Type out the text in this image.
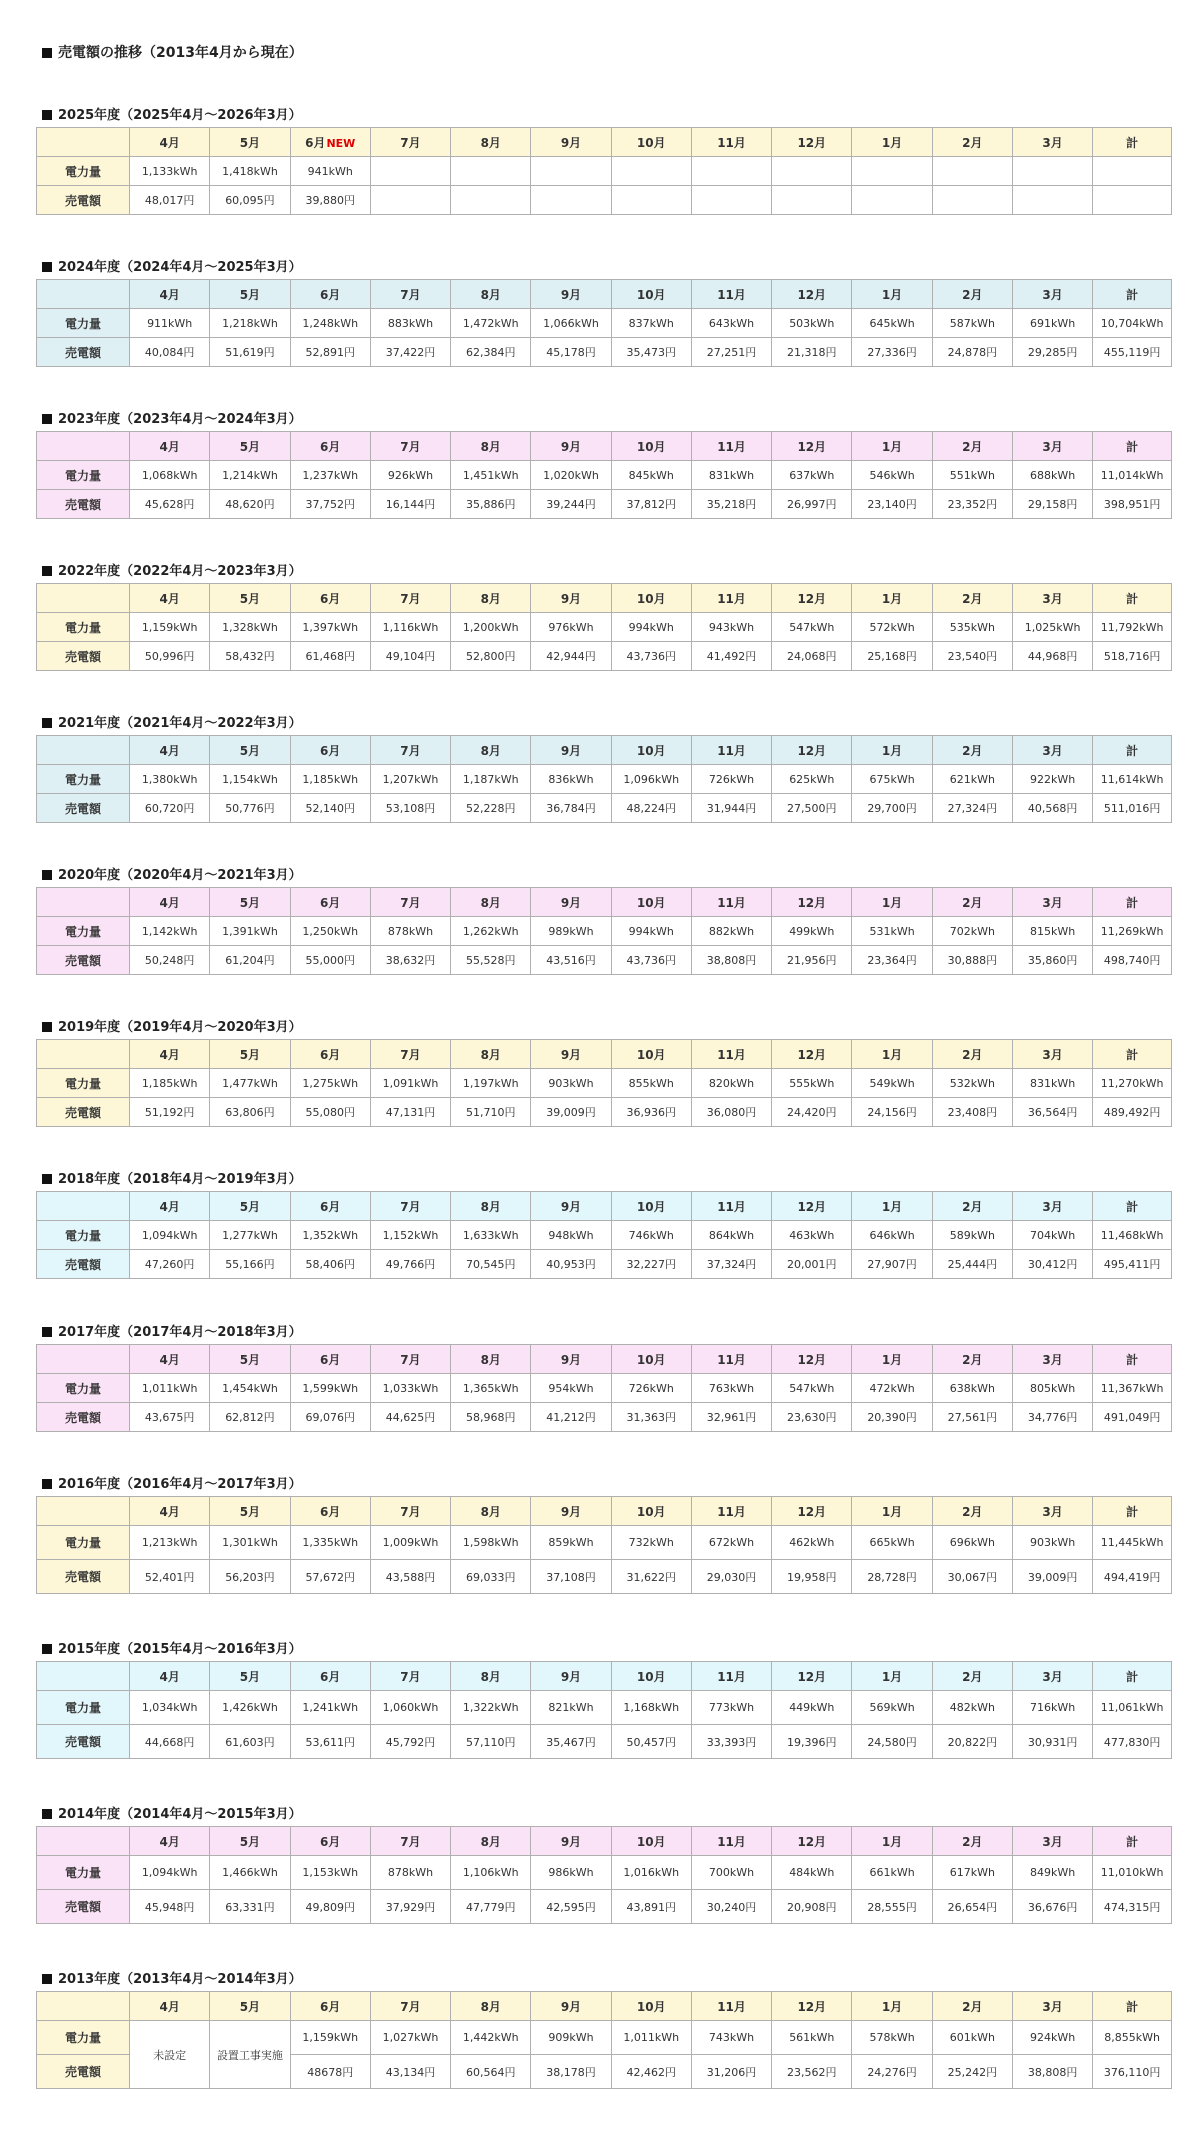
売電額の推移（2013年4月から現在）
2025年度（2025年4月～2026年3月）
	4月	5月	6月NEW	7月	8月	9月	10月	11月	12月	1月	2月	3月	計
電力量	1,133kWh	1,418kWh	941kWh										
売電額	48,017円	60,095円	39,880円										
2024年度（2024年4月～2025年3月）
	4月	5月	6月	7月	8月	9月	10月	11月	12月	1月	2月	3月	計
電力量	911kWh	1,218kWh	1,248kWh	883kWh	1,472kWh	1,066kWh	837kWh	643kWh	503kWh	645kWh	587kWh	691kWh	10,704kWh
売電額	40,084円	51,619円	52,891円	37,422円	62,384円	45,178円	35,473円	27,251円	21,318円	27,336円	24,878円	29,285円	455,119円
2023年度（2023年4月～2024年3月）
	4月	5月	6月	7月	8月	9月	10月	11月	12月	1月	2月	3月	計
電力量	1,068kWh	1,214kWh	1,237kWh	926kWh	1,451kWh	1,020kWh	845kWh	831kWh	637kWh	546kWh	551kWh	688kWh	11,014kWh
売電額	45,628円	48,620円	37,752円	16,144円	35,886円	39,244円	37,812円	35,218円	26,997円	23,140円	23,352円	29,158円	398,951円
2022年度（2022年4月～2023年3月）
	4月	5月	6月	7月	8月	9月	10月	11月	12月	1月	2月	3月	計
電力量	1,159kWh	1,328kWh	1,397kWh	1,116kWh	1,200kWh	976kWh	994kWh	943kWh	547kWh	572kWh	535kWh	1,025kWh	11,792kWh
売電額	50,996円	58,432円	61,468円	49,104円	52,800円	42,944円	43,736円	41,492円	24,068円	25,168円	23,540円	44,968円	518,716円
2021年度（2021年4月～2022年3月）
	4月	5月	6月	7月	8月	9月	10月	11月	12月	1月	2月	3月	計
電力量	1,380kWh	1,154kWh	1,185kWh	1,207kWh	1,187kWh	836kWh	1,096kWh	726kWh	625kWh	675kWh	621kWh	922kWh	11,614kWh
売電額	60,720円	50,776円	52,140円	53,108円	52,228円	36,784円	48,224円	31,944円	27,500円	29,700円	27,324円	40,568円	511,016円
2020年度（2020年4月～2021年3月）
	4月	5月	6月	7月	8月	9月	10月	11月	12月	1月	2月	3月	計
電力量	1,142kWh	1,391kWh	1,250kWh	878kWh	1,262kWh	989kWh	994kWh	882kWh	499kWh	531kWh	702kWh	815kWh	11,269kWh
売電額	50,248円	61,204円	55,000円	38,632円	55,528円	43,516円	43,736円	38,808円	21,956円	23,364円	30,888円	35,860円	498,740円
2019年度（2019年4月～2020年3月）
	4月	5月	6月	7月	8月	9月	10月	11月	12月	1月	2月	3月	計
電力量	1,185kWh	1,477kWh	1,275kWh	1,091kWh	1,197kWh	903kWh	855kWh	820kWh	555kWh	549kWh	532kWh	831kWh	11,270kWh
売電額	51,192円	63,806円	55,080円	47,131円	51,710円	39,009円	36,936円	36,080円	24,420円	24,156円	23,408円	36,564円	489,492円
2018年度（2018年4月～2019年3月）
	4月	5月	6月	7月	8月	9月	10月	11月	12月	1月	2月	3月	計
電力量	1,094kWh	1,277kWh	1,352kWh	1,152kWh	1,633kWh	948kWh	746kWh	864kWh	463kWh	646kWh	589kWh	704kWh	11,468kWh
売電額	47,260円	55,166円	58,406円	49,766円	70,545円	40,953円	32,227円	37,324円	20,001円	27,907円	25,444円	30,412円	495,411円
2017年度（2017年4月～2018年3月）
	4月	5月	6月	7月	8月	9月	10月	11月	12月	1月	2月	3月	計
電力量	1,011kWh	1,454kWh	1,599kWh	1,033kWh	1,365kWh	954kWh	726kWh	763kWh	547kWh	472kWh	638kWh	805kWh	11,367kWh
売電額	43,675円	62,812円	69,076円	44,625円	58,968円	41,212円	31,363円	32,961円	23,630円	20,390円	27,561円	34,776円	491,049円
2016年度（2016年4月～2017年3月）
	4月	5月	6月	7月	8月	9月	10月	11月	12月	1月	2月	3月	計
電力量	1,213kWh	1,301kWh	1,335kWh	1,009kWh	1,598kWh	859kWh	732kWh	672kWh	462kWh	665kWh	696kWh	903kWh	11,445kWh
売電額	52,401円	56,203円	57,672円	43,588円	69,033円	37,108円	31,622円	29,030円	19,958円	28,728円	30,067円	39,009円	494,419円
2015年度（2015年4月～2016年3月）
	4月	5月	6月	7月	8月	9月	10月	11月	12月	1月	2月	3月	計
電力量	1,034kWh	1,426kWh	1,241kWh	1,060kWh	1,322kWh	821kWh	1,168kWh	773kWh	449kWh	569kWh	482kWh	716kWh	11,061kWh
売電額	44,668円	61,603円	53,611円	45,792円	57,110円	35,467円	50,457円	33,393円	19,396円	24,580円	20,822円	30,931円	477,830円
2014年度（2014年4月～2015年3月）
	4月	5月	6月	7月	8月	9月	10月	11月	12月	1月	2月	3月	計
電力量	1,094kWh	1,466kWh	1,153kWh	878kWh	1,106kWh	986kWh	1,016kWh	700kWh	484kWh	661kWh	617kWh	849kWh	11,010kWh
売電額	45,948円	63,331円	49,809円	37,929円	47,779円	42,595円	43,891円	30,240円	20,908円	28,555円	26,654円	36,676円	474,315円
2013年度（2013年4月～2014年3月）
	4月	5月	6月	7月	8月	9月	10月	11月	12月	1月	2月	3月	計
電力量	未設定	設置工事実施	1,159kWh	1,027kWh	1,442kWh	909kWh	1,011kWh	743kWh	561kWh	578kWh	601kWh	924kWh	8,855kWh
売電額			48678円	43,134円	60,564円	38,178円	42,462円	31,206円	23,562円	24,276円	25,242円	38,808円	376,110円
